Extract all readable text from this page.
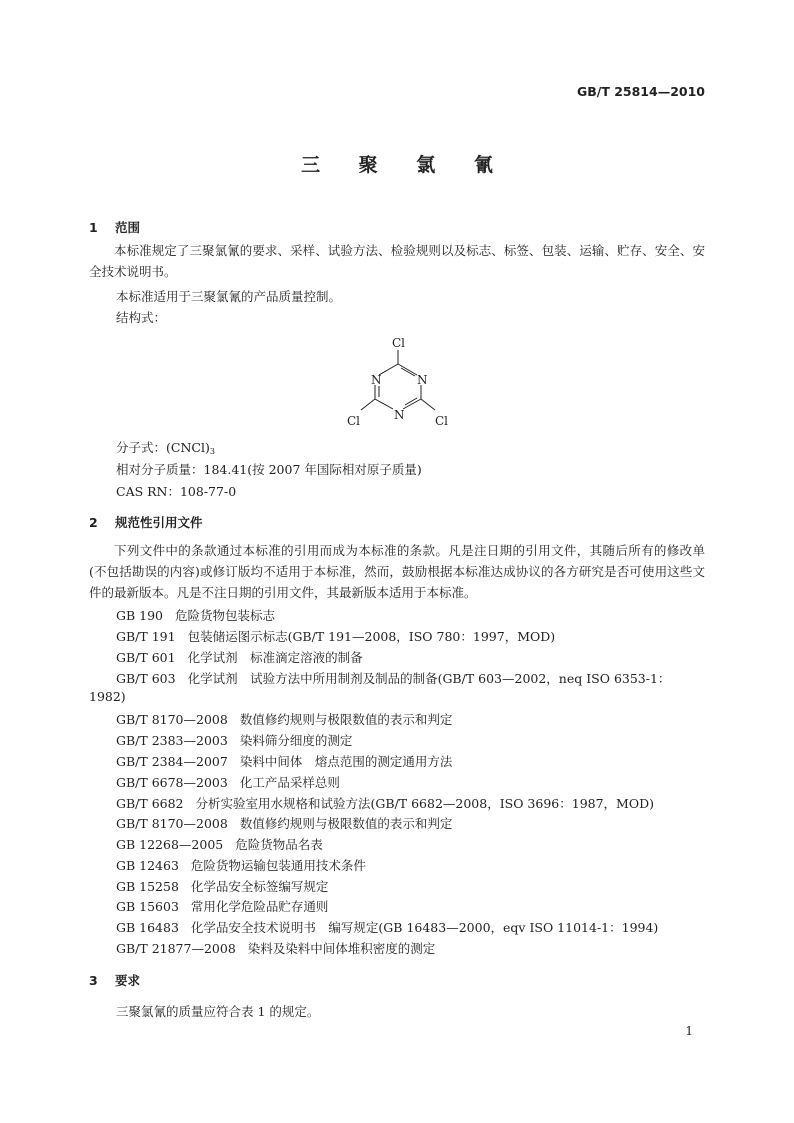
GB/T 25814—2010
三 聚 氯 氰
1 范围
本标准规定了三聚氯氰的要求、采样、试验方法、检验规则以及标志、标签、包装、运输、贮存、安全、安全技术说明书。
本标准适用于三聚氯氰的产品质量控制。
结构式：
Cl
N	N
N
Cl	Cl
分子式：$(CNCl)_3$
相对分子质量：184.41(按 2007 年国际相对原子质量)
CAS RN：108-77-0
2 规范性引用文件
下列文件中的条款通过本标准的引用而成为本标准的条款。凡是注日期的引用文件，其随后所有的修改单(不包括勘误的内容)或修订版均不适用于本标准，然而，鼓励根据本标准达成协议的各方研究是否可使用这些文件的最新版本。凡是不注日期的引用文件，其最新版本适用于本标准。
GB 190 危险货物包装标志
GB/T 191 包装储运图示标志(GB/T 191—2008，ISO 780：1997，MOD)
GB/T 601 化学试剂　标准滴定溶液的制备
GB/T 603 化学试剂　试验方法中所用制剂及制品的制备(GB/T 603—2002，neq ISO 6353-1：
1982)
GB/T 8170—2008 数值修约规则与极限数值的表示和判定
GB/T 2383—2003 染料筛分细度的测定
GB/T 2384—2007 染料中间体　熔点范围的测定通用方法
GB/T 6678—2003 化工产品采样总则
GB/T 6682 分析实验室用水规格和试验方法(GB/T 6682—2008，ISO 3696：1987，MOD)
GB/T 8170—2008 数值修约规则与极限数值的表示和判定
GB 12268—2005 危险货物品名表
GB 12463 危险货物运输包装通用技术条件
GB 15258 化学品安全标签编写规定
GB 15603 常用化学危险品贮存通则
GB 16483 化学品安全技术说明书　编写规定(GB 16483—2000，eqv ISO 11014-1：1994)
GB/T 21877—2008 染料及染料中间体堆积密度的测定
3 要求
三聚氯氰的质量应符合表 1 的规定。
1
